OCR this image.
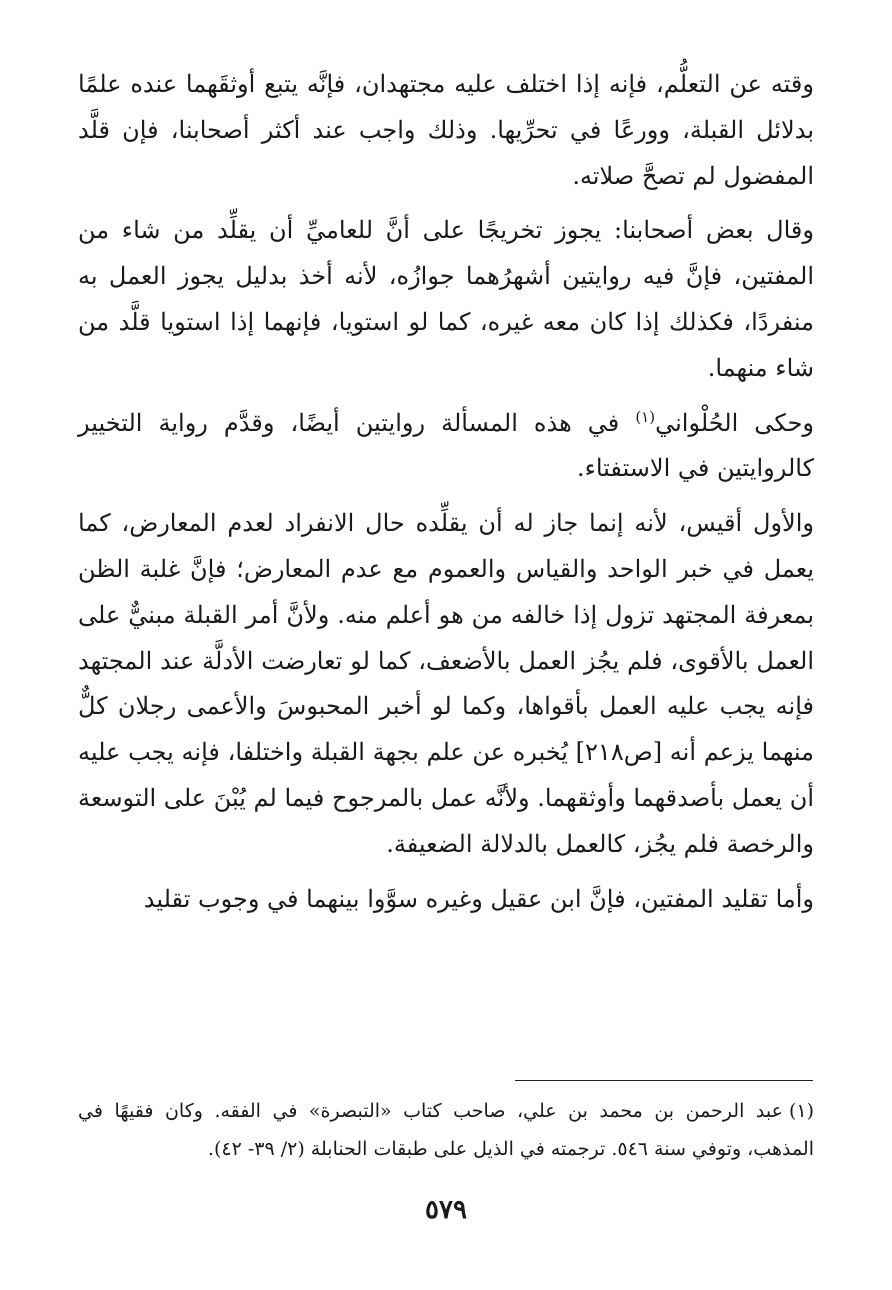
وقته عن التعلُّم، فإنه إذا اختلف عليه مجتهدان، فإنَّه يتبع أوثقَهما عنده علمًا بدلائل القبلة، وورعًا في تحرِّيها. وذلك واجب عند أكثر أصحابنا، فإن قلَّد المفضول لم تصحَّ صلاته.

وقال بعض أصحابنا: يجوز تخريجًا على أنَّ للعاميِّ أن يقلِّد من شاء من المفتين، فإنَّ فيه روايتين أشهرُهما جوازُه، لأنه أخذ بدليل يجوز العمل به منفردًا، فكذلك إذا كان معه غيره، كما لو استويا، فإنهما إذا استويا قلَّد من شاء منهما.

وحكى الحُلْواني$^{(١)}$ في هذه المسألة روايتين أيضًا، وقدَّم رواية التخيير كالروايتين في الاستفتاء.

والأول أقيس، لأنه إنما جاز له أن يقلِّده حال الانفراد لعدم المعارض، كما يعمل في خبر الواحد والقياس والعموم مع عدم المعارض؛ فإنَّ غلبة الظن بمعرفة المجتهد تزول إذا خالفه من هو أعلم منه. ولأنَّ أمر القبلة مبنيٌّ على العمل بالأقوى، فلم يجُز العمل بالأضعف، كما لو تعارضت الأدلَّة عند المجتهد فإنه يجب عليه العمل بأقواها، وكما لو أخبر المحبوسَ والأعمى رجلان كلٌّ منهما يزعم أنه [ص٢١٨] يُخبره عن علم بجهة القبلة واختلفا، فإنه يجب عليه أن يعمل بأصدقهما وأوثقهما. ولأنَّه عمل بالمرجوح فيما لم يُبْنَ على التوسعة والرخصة فلم يجُز، كالعمل بالدلالة الضعيفة.

وأما تقليد المفتين، فإنَّ ابن عقيل وغيره سوَّوا بينهما في وجوب تقليد

(١)عبد الرحمن بن محمد بن علي، صاحب كتاب «التبصرة» في الفقه. وكان فقيهًا في المذهب، وتوفي سنة ٥٤٦. ترجمته في الذيل على طبقات الحنابلة (٢/ ٣٩- ٤٢).

٥٧٩
